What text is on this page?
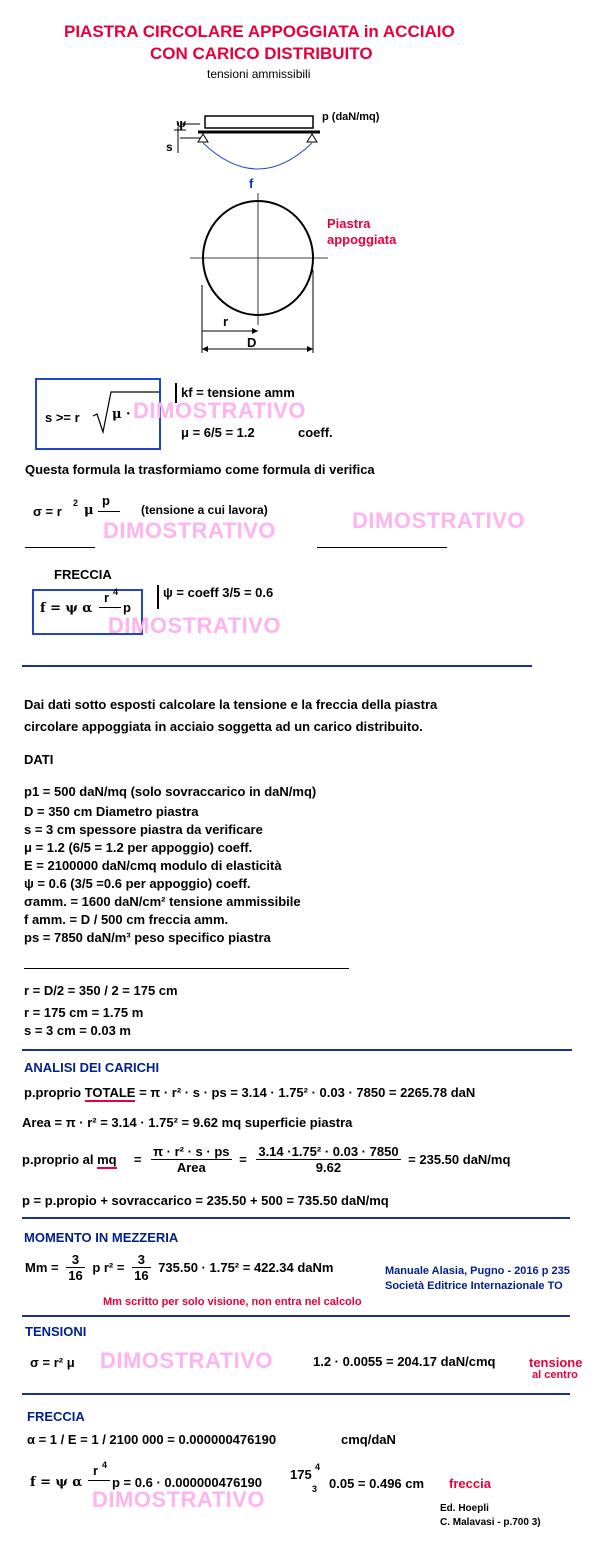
PIASTRA CIRCOLARE APPOGGIATA in ACCIAIO
CON CARICO DISTRIBUITO
tensioni ammissibili
p (daN/mq)
ψ
s
f
Piastra
appoggiata
r
D
s >= r μ ·
kf = tensione amm
μ = 6/5 = 1.2	coeff.
DIMOSTRATIVO
Questa formula la trasformiamo come formula di verifica
σ = r
2 μ
p
(tensione a cui lavora)
DIMOSTRATIVO	DIMOSTRATIVO
FRECCIA
f = ψ α
r 4
p
ψ = coeff 3/5 = 0.6
DIMOSTRATIVO
Dai dati sotto esposti calcolare la tensione e la freccia della piastra
circolare appoggiata in acciaio soggetta ad un carico distribuito.
DATI
p1 = 500 daN/mq (solo sovraccarico in daN/mq)
D = 350 cm Diametro piastra
s = 3 cm spessore piastra da verificare
μ = 1.2 (6/5 = 1.2 per appoggio) coeff.
E = 2100000 daN/cmq modulo di elasticità
ψ = 0.6 (3/5 =0.6 per appoggio) coeff.
σamm. = 1600 daN/cm² tensione ammissibile
f amm. = D / 500 cm freccia amm.
ps = 7850 daN/m³ peso specifico piastra
r = D/2 = 350 / 2 = 175 cm
r = 175 cm = 1.75 m
s = 3 cm = 0.03 m
ANALISI DEI CARICHI
p.proprio TOTALE = π · r² · s · ps = 3.14 · 1.75² · 0.03 · 7850 = 2265.78 daN
Area = π · r² = 3.14 · 1.75² = 9.62 mq superficie piastra
p.proprio al mq = $\frac{\text{π · r² · s · ps}}{\text{Area}} = \frac{\text{3.14 ·1.75² · 0.03 · 7850}}{9.62} = 235.50$ daN/mq
p = p.propio + sovraccarico = 235.50 + 500 = 735.50 daN/mq
MOMENTO IN MEZZERIA
$Mm = \frac{3}{16}$ p $r^2 = \frac{3}{16} 735.50 \cdot 1.75^2 = 422.34$ daNm	Manuale Alasia, Pugno - 2016 p 235
Società Editrice Internazionale TO
Mm scritto per solo visione, non entra nel calcolo
TENSIONI
σ = r² μ DIMOSTRATIVO	1.2 · 0.0055 = 204.17 daN/cmq	tensione
al centro
FRECCIA
α = 1 / E = 1 / 2100 000 = 0.000000476190	cmq/daN
f = ψ α
r 4
p = 0.6 · 0.000000476190
175 4
3 0.05 = 0.496 cm freccia
DIMOSTRATIVO	Ed. Hoepli
C. Malavasi - p.700 3)
